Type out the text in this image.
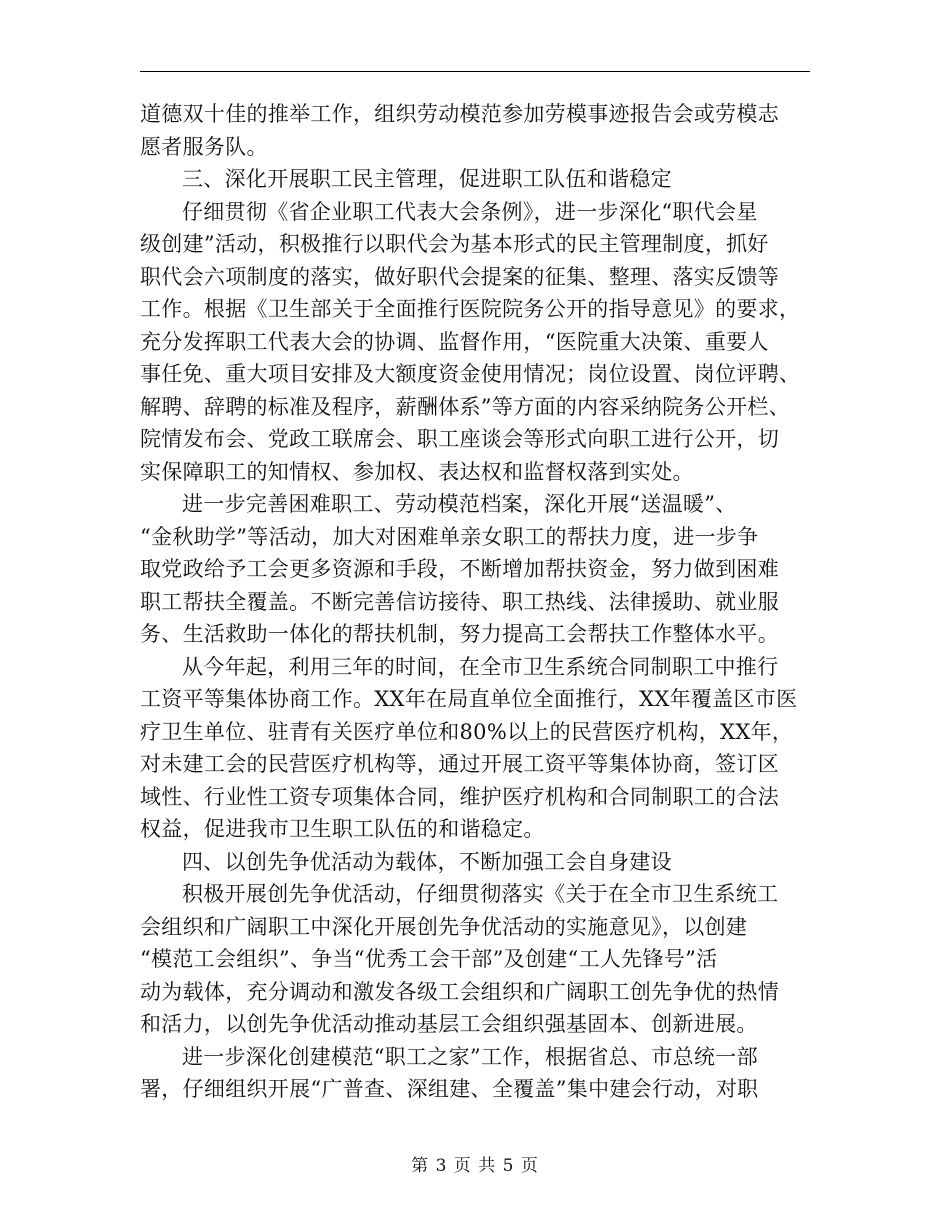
道德双十佳的推举工作，组织劳动模范参加劳模事迹报告会或劳模志
愿者服务队。
三、深化开展职工民主管理，促进职工队伍和谐稳定
仔细贯彻《省企业职工代表大会条例》，进一步深化“职代会星
级创建”活动，积极推行以职代会为基本形式的民主管理制度，抓好
职代会六项制度的落实，做好职代会提案的征集、整理、落实反馈等
工作。根据《卫生部关于全面推行医院院务公开的指导意见》的要求，
充分发挥职工代表大会的协调、监督作用，“医院重大决策、重要人
事任免、重大项目安排及大额度资金使用情况；岗位设置、岗位评聘、
解聘、辞聘的标准及程序，薪酬体系”等方面的内容采纳院务公开栏、
院情发布会、党政工联席会、职工座谈会等形式向职工进行公开，切
实保障职工的知情权、参加权、表达权和监督权落到实处。
进一步完善困难职工、劳动模范档案，深化开展“送温暖”、
“金秋助学”等活动，加大对困难单亲女职工的帮扶力度，进一步争
取党政给予工会更多资源和手段，不断增加帮扶资金，努力做到困难
职工帮扶全覆盖。不断完善信访接待、职工热线、法律援助、就业服
务、生活救助一体化的帮扶机制，努力提高工会帮扶工作整体水平。
从今年起，利用三年的时间，在全市卫生系统合同制职工中推行
工资平等集体协商工作。XX年在局直单位全面推行，XX年覆盖区市医
疗卫生单位、驻青有关医疗单位和80%以上的民营医疗机构，XX年，
对未建工会的民营医疗机构等，通过开展工资平等集体协商，签订区
域性、行业性工资专项集体合同，维护医疗机构和合同制职工的合法
权益，促进我市卫生职工队伍的和谐稳定。
四、以创先争优活动为载体，不断加强工会自身建设
积极开展创先争优活动，仔细贯彻落实《关于在全市卫生系统工
会组织和广阔职工中深化开展创先争优活动的实施意见》，以创建
“模范工会组织”、争当“优秀工会干部”及创建“工人先锋号”活
动为载体，充分调动和激发各级工会组织和广阔职工创先争优的热情
和活力，以创先争优活动推动基层工会组织强基固本、创新进展。
进一步深化创建模范“职工之家”工作，根据省总、市总统一部
署，仔细组织开展“广普查、深组建、全覆盖”集中建会行动，对职
第 3 页 共 5 页
